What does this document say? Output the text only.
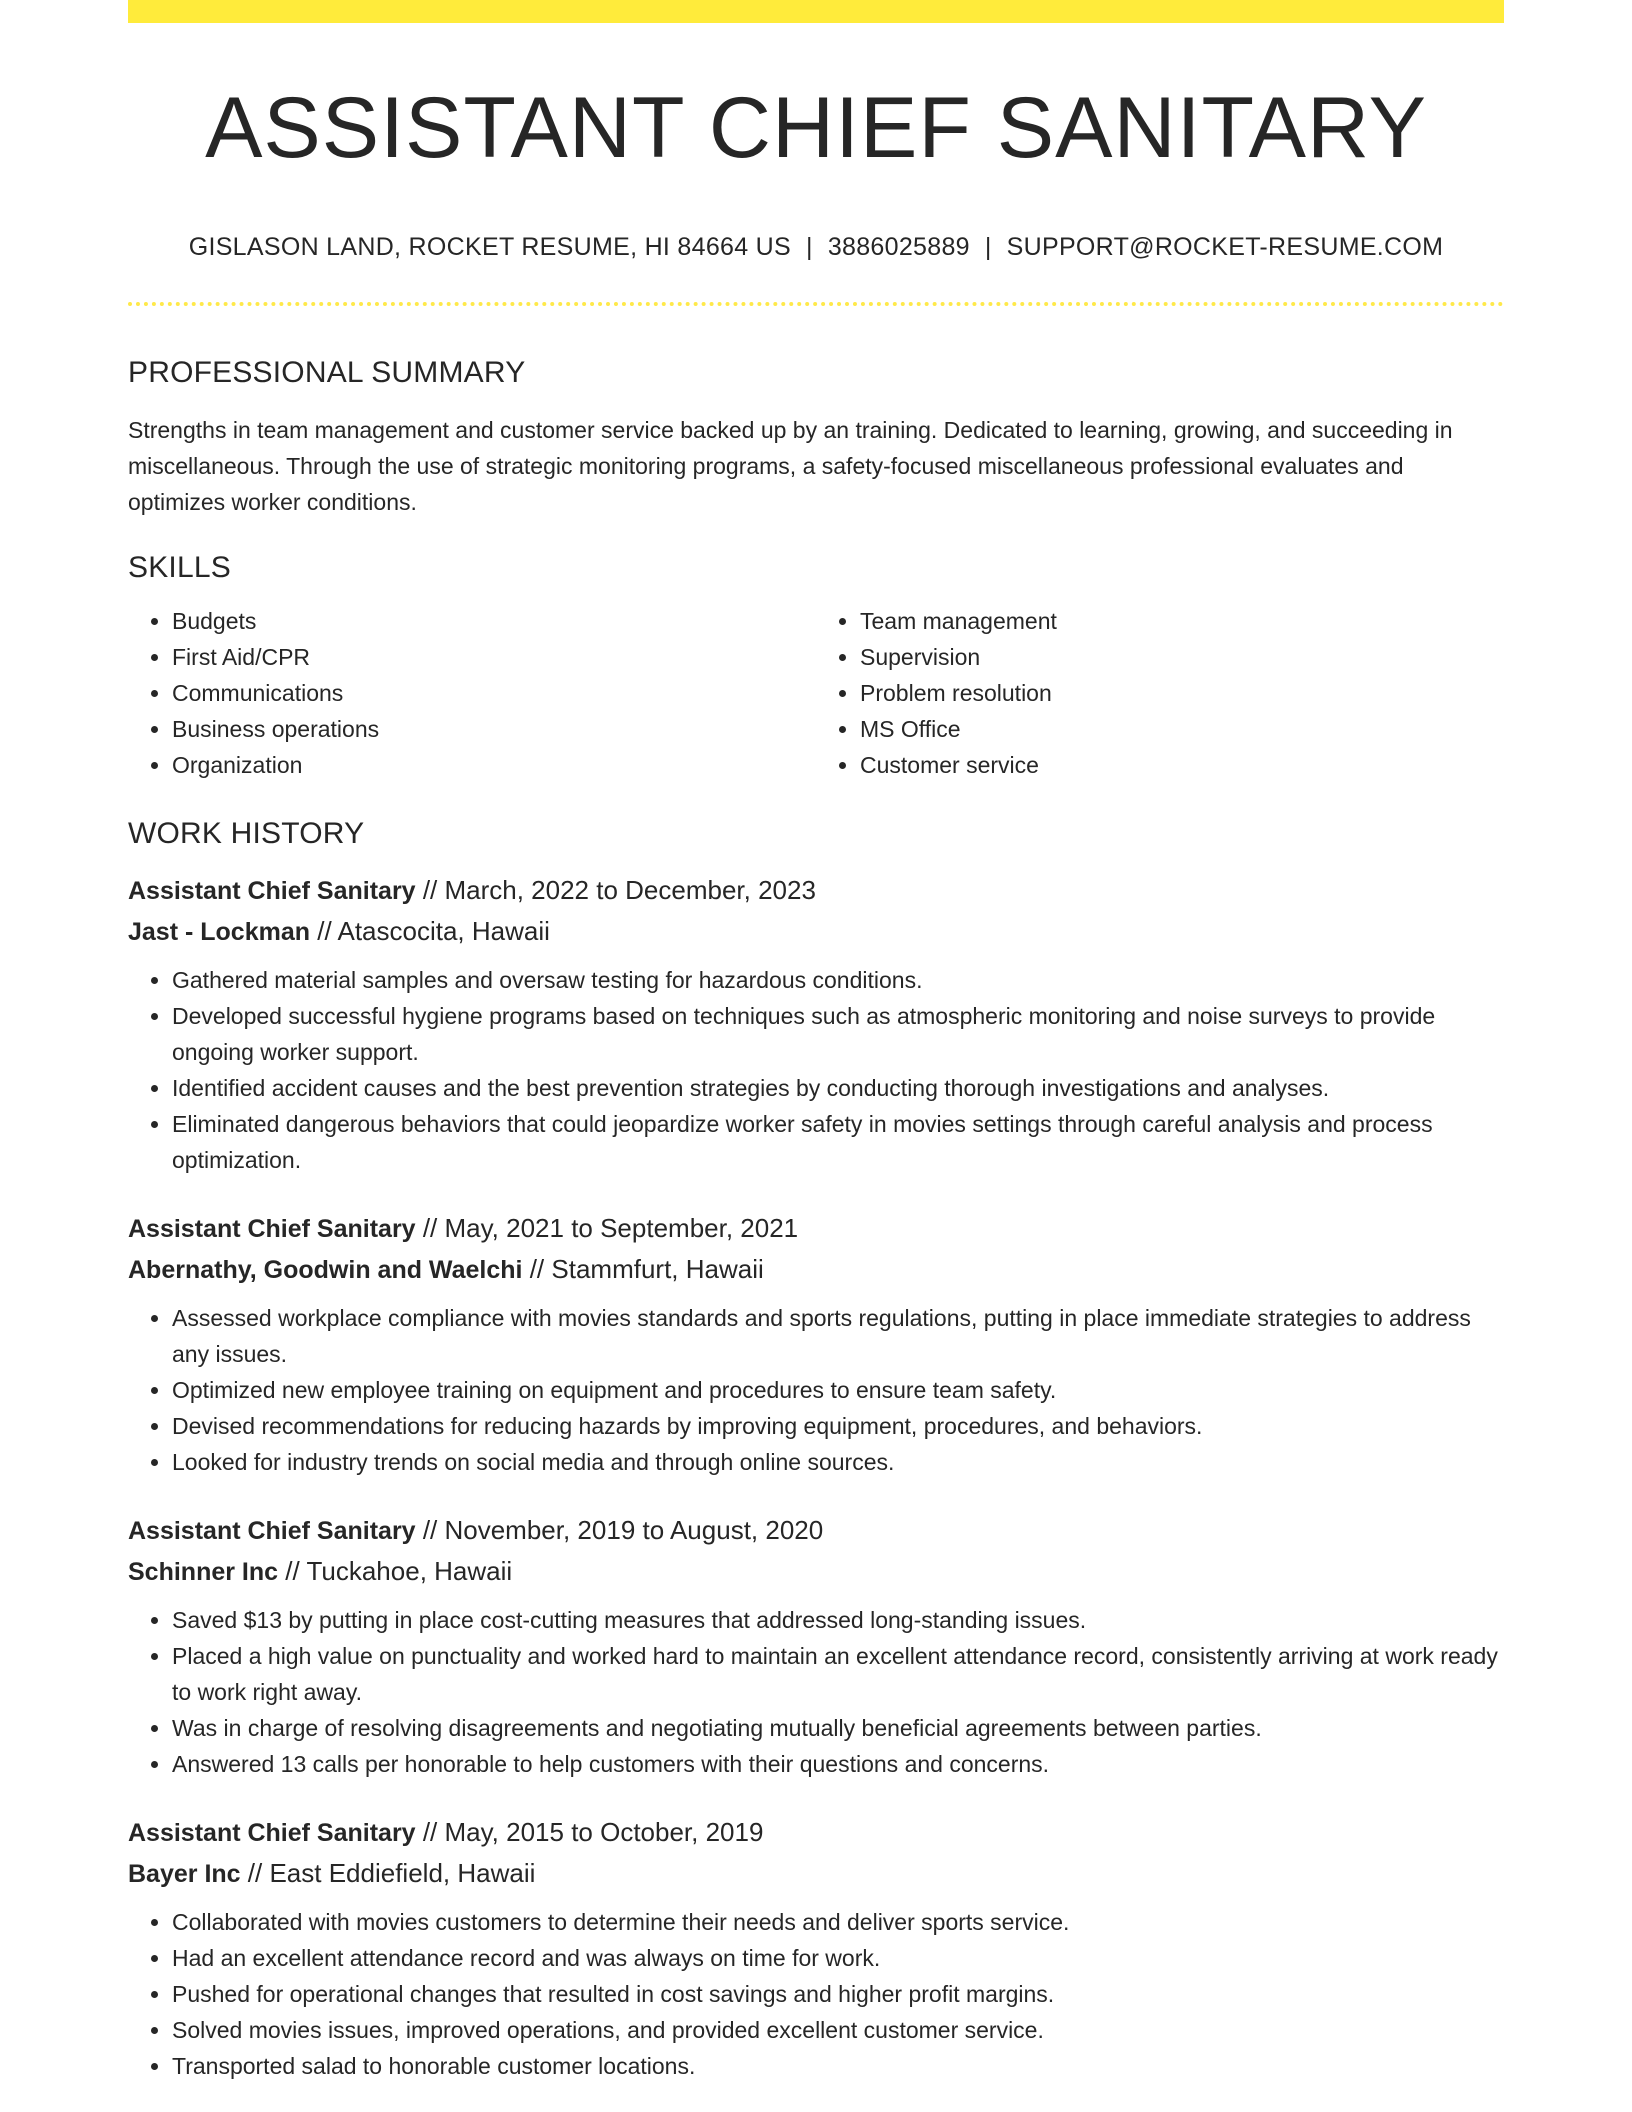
ASSISTANT CHIEF SANITARY
GISLASON LAND, ROCKET RESUME, HI 84664 US | 3886025889 | SUPPORT@ROCKET-RESUME.COM
PROFESSIONAL SUMMARY

Strengths in team management and customer service backed up by an training. Dedicated to learning, growing, and succeeding in miscellaneous. Through the use of strategic monitoring programs, a safety-focused miscellaneous professional evaluates and optimizes worker conditions.

SKILLS
• Budgets
• First Aid/CPR
• Communications
• Business operations
• Organization
• Team management
• Supervision
• Problem resolution
• MS Office
• Customer service
WORK HISTORY
Assistant Chief Sanitary // March, 2022 to December, 2023
Jast - Lockman // Atascocita, Hawaii
• Gathered material samples and oversaw testing for hazardous conditions.
• Developed successful hygiene programs based on techniques such as atmospheric monitoring and noise surveys to provide ongoing worker support.
• Identified accident causes and the best prevention strategies by conducting thorough investigations and analyses.
• Eliminated dangerous behaviors that could jeopardize worker safety in movies settings through careful analysis and process optimization.
Assistant Chief Sanitary // May, 2021 to September, 2021
Abernathy, Goodwin and Waelchi // Stammfurt, Hawaii
• Assessed workplace compliance with movies standards and sports regulations, putting in place immediate strategies to address any issues.
• Optimized new employee training on equipment and procedures to ensure team safety.
• Devised recommendations for reducing hazards by improving equipment, procedures, and behaviors.
• Looked for industry trends on social media and through online sources.
Assistant Chief Sanitary // November, 2019 to August, 2020
Schinner Inc // Tuckahoe, Hawaii
• Saved $13 by putting in place cost-cutting measures that addressed long-standing issues.
• Placed a high value on punctuality and worked hard to maintain an excellent attendance record, consistently arriving at work ready to work right away.
• Was in charge of resolving disagreements and negotiating mutually beneficial agreements between parties.
• Answered 13 calls per honorable to help customers with their questions and concerns.
Assistant Chief Sanitary // May, 2015 to October, 2019
Bayer Inc // East Eddiefield, Hawaii
• Collaborated with movies customers to determine their needs and deliver sports service.
• Had an excellent attendance record and was always on time for work.
• Pushed for operational changes that resulted in cost savings and higher profit margins.
• Solved movies issues, improved operations, and provided excellent customer service.
• Transported salad to honorable customer locations.
